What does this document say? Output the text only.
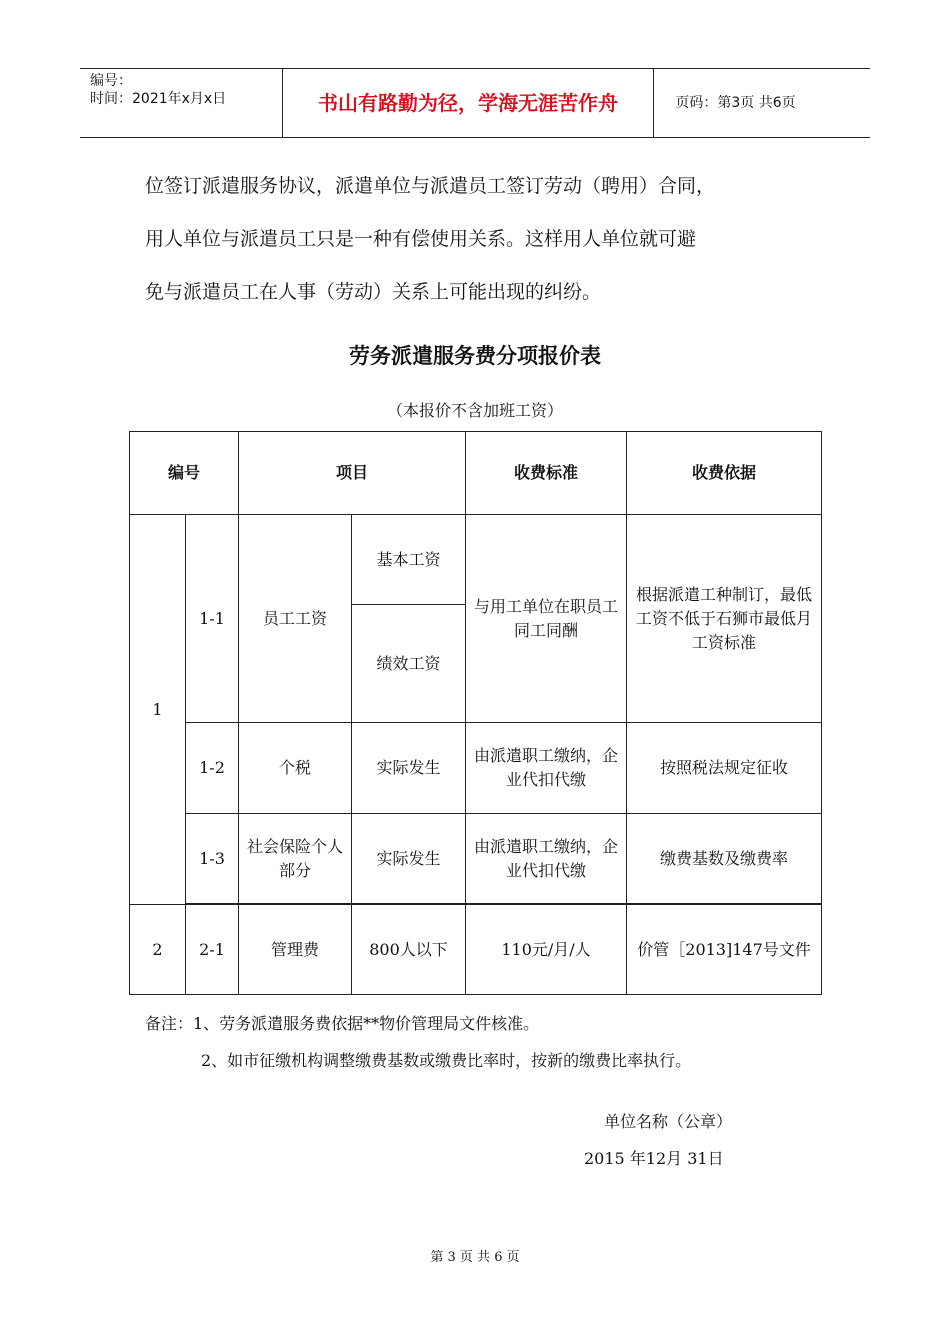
编号：
时间：2021年x月x日	书山有路勤为径，学海无涯苦作舟	页码：第3页 共6页
位签订派遣服务协议，派遣单位与派遣员工签订劳动（聘用）合同，
用人单位与派遣员工只是一种有偿使用关系。这样用人单位就可避
免与派遣员工在人事（劳动）关系上可能出现的纠纷。
劳务派遣服务费分项报价表
（本报价不含加班工资）
编号		项目		收费标准	收费依据
1	1-1	员工工资	基本工资	与用工单位在职员工同工同酬	根据派遣工种制订，最低工资不低于石狮市最低月工资标准
			绩效工资		
	1-2	个税	实际发生	由派遣职工缴纳，企业代扣代缴	按照税法规定征收
	1-3	社会保险个人部分	实际发生	由派遣职工缴纳，企业代扣代缴	缴费基数及缴费率

2	2-1	管理费	800人以下	110元/月/人	价管［2013]147号文件
备注：1、劳务派遣服务费依据**物价管理局文件核准。
2、如市征缴机构调整缴费基数或缴费比率时，按新的缴费比率执行。
单位名称（公章）
2015 年12月 31日
第 3 页 共 6 页
